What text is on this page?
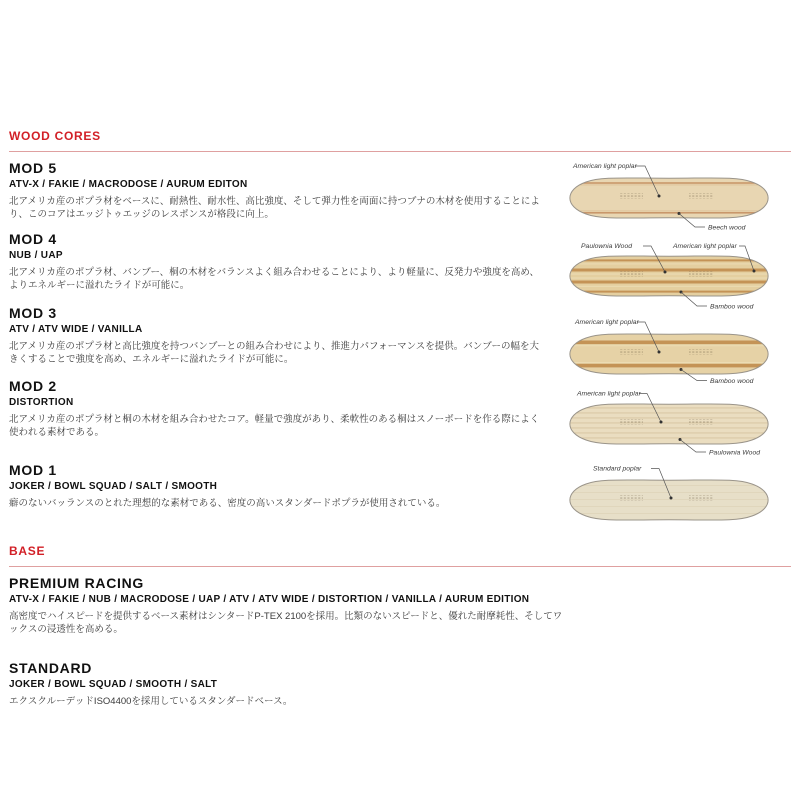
WOOD CORES
MOD 5

ATV-X / FAKIE / MACRODOSE / AURUM EDITON

北アメリカ産のポプラ材をベースに、耐熱性、耐水性、高比強度、そして弾力性を両面に持つブナの木材を使用することにより、このコアはエッジトゥエッジのレスポンスが格段に向上。

MOD 4

NUB / UAP

北アメリカ産のポプラ材、バンブー、桐の木材をバランスよく組み合わせることにより、より軽量に、反発力や強度を高め、よりエネルギーに溢れたライドが可能に。

MOD 3

ATV / ATV WIDE / VANILLA

北アメリカ産のポプラ材と高比強度を持つバンブーとの組み合わせにより、推進力パフォーマンスを提供。バンブーの幅を大きくすることで強度を高め、エネルギーに溢れたライドが可能に。

MOD 2

DISTORTION

北アメリカ産のポプラ材と桐の木材を組み合わせたコア。軽量で強度があり、柔軟性のある桐はスノーボードを作る際によく使われる素材である。

MOD 1

JOKER / BOWL SQUAD / SALT / SMOOTH

癖のないバッランスのとれた理想的な素材である、密度の高いスタンダードポプラが使用されている。

American light poplar
Beech wood
Paulownia Wood	American light poplar
Bamboo wood
American light poplar
Bamboo wood
American light poplar
Paulownia Wood
Standard poplar
BASE
PREMIUM RACING

ATV-X / FAKIE / NUB / MACRODOSE / UAP / ATV / ATV WIDE / DISTORTION / VANILLA / AURUM EDITION

高密度でハイスピードを提供するベース素材はシンタードP-TEX 2100を採用。比類のないスピードと、優れた耐摩耗性、そしてワックスの浸透性を高める。

STANDARD

JOKER / BOWL SQUAD / SMOOTH / SALT

エクスクルーデッドISO4400を採用しているスタンダードベース。
